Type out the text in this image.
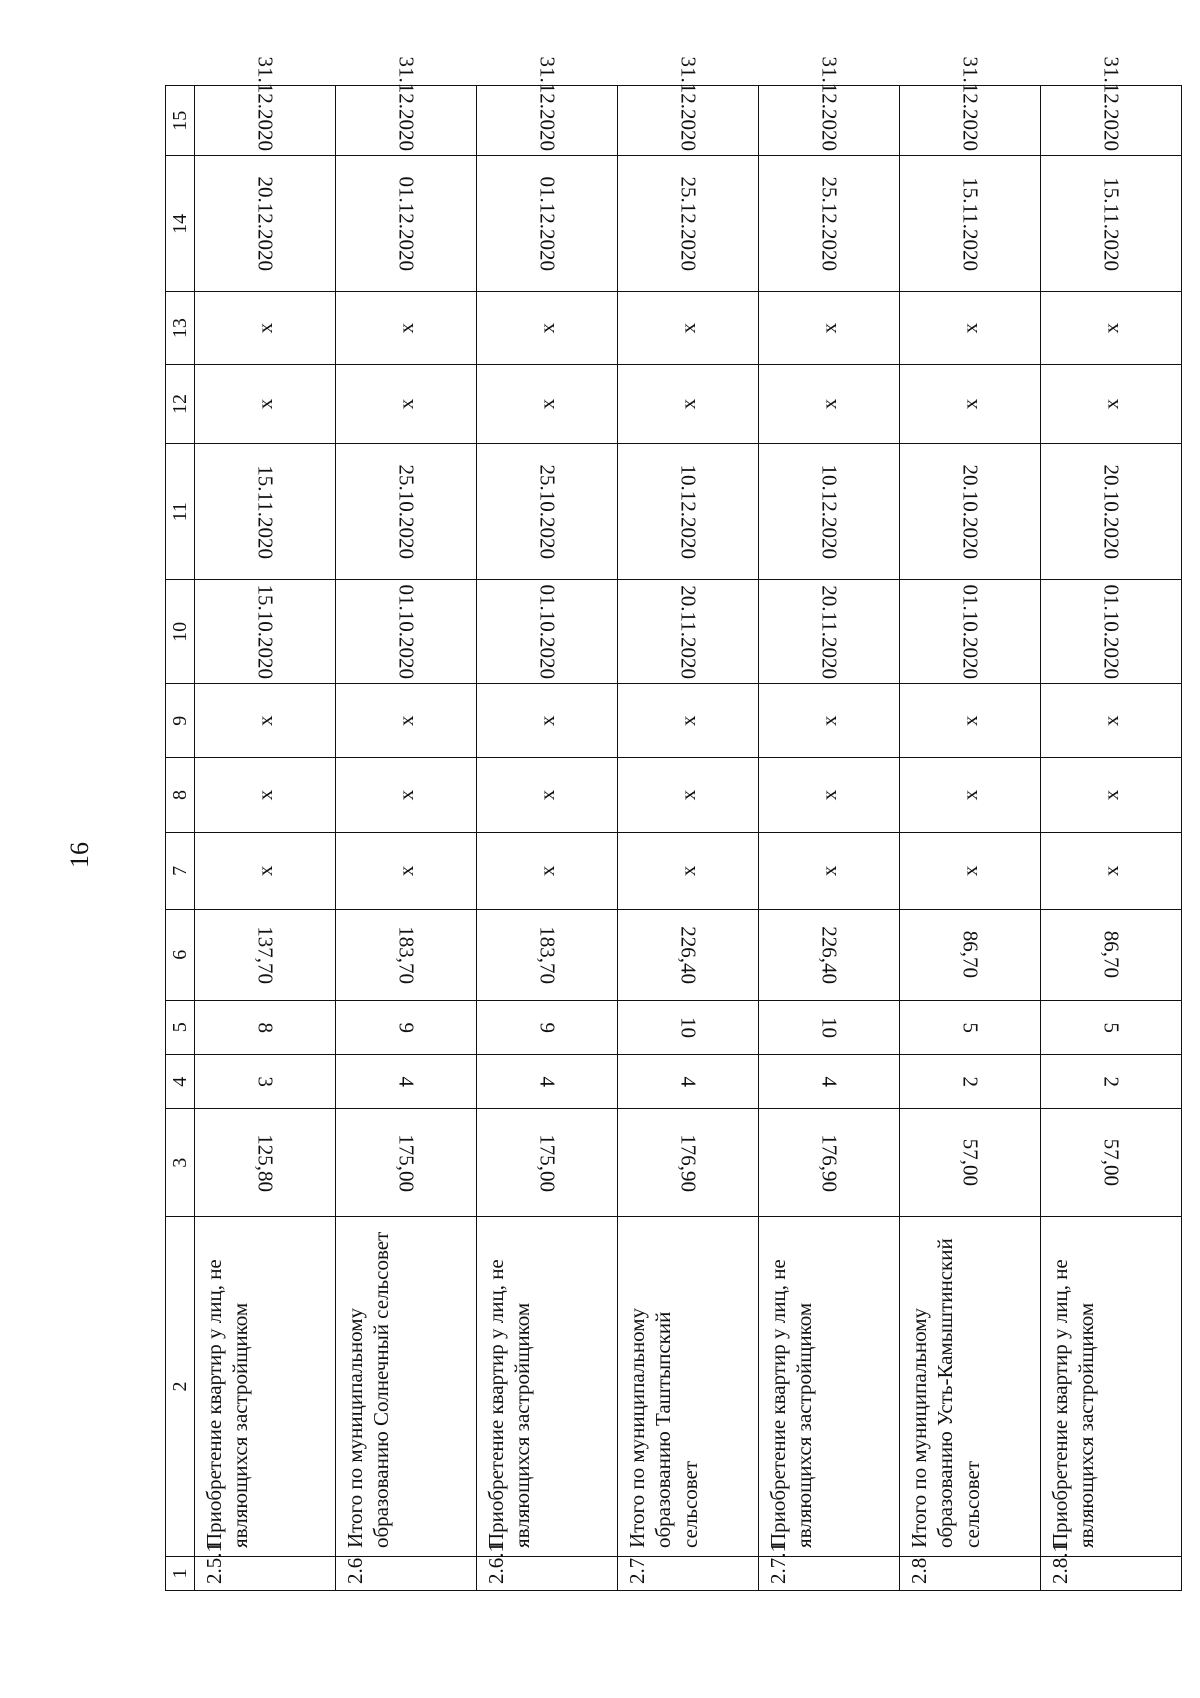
16
1	2	3	4	5	6	7	8	9	10	11	12	13	14	15
2.5.1	Приобретение квартир у лиц, не являющихся застройщиком	125,80	3	8	137,70	x	x	x	15.10.2020	15.11.2020	x	x	20.12.2020	31.12.2020
2.6	Итого по муниципальному образованию Солнечный сельсовет	175,00	4	9	183,70	x	x	x	01.10.2020	25.10.2020	x	x	01.12.2020	31.12.2020
2.6.1	Приобретение квартир у лиц, не являющихся застройщиком	175,00	4	9	183,70	x	x	x	01.10.2020	25.10.2020	x	x	01.12.2020	31.12.2020
2.7	Итого по муниципальному образованию Таштыпский сельсовет	176,90	4	10	226,40	x	x	x	20.11.2020	10.12.2020	x	x	25.12.2020	31.12.2020
2.7.1	Приобретение квартир у лиц, не являющихся застройщиком	176,90	4	10	226,40	x	x	x	20.11.2020	10.12.2020	x	x	25.12.2020	31.12.2020
2.8	Итого по муниципальному образованию Усть-Камыштинский сельсовет	57,00	2	5	86,70	x	x	x	01.10.2020	20.10.2020	x	x	15.11.2020	31.12.2020
2.8.1	Приобретение квартир у лиц, не являющихся застройщиком	57,00	2	5	86,70	x	x	x	01.10.2020	20.10.2020	x	x	15.11.2020	31.12.2020
